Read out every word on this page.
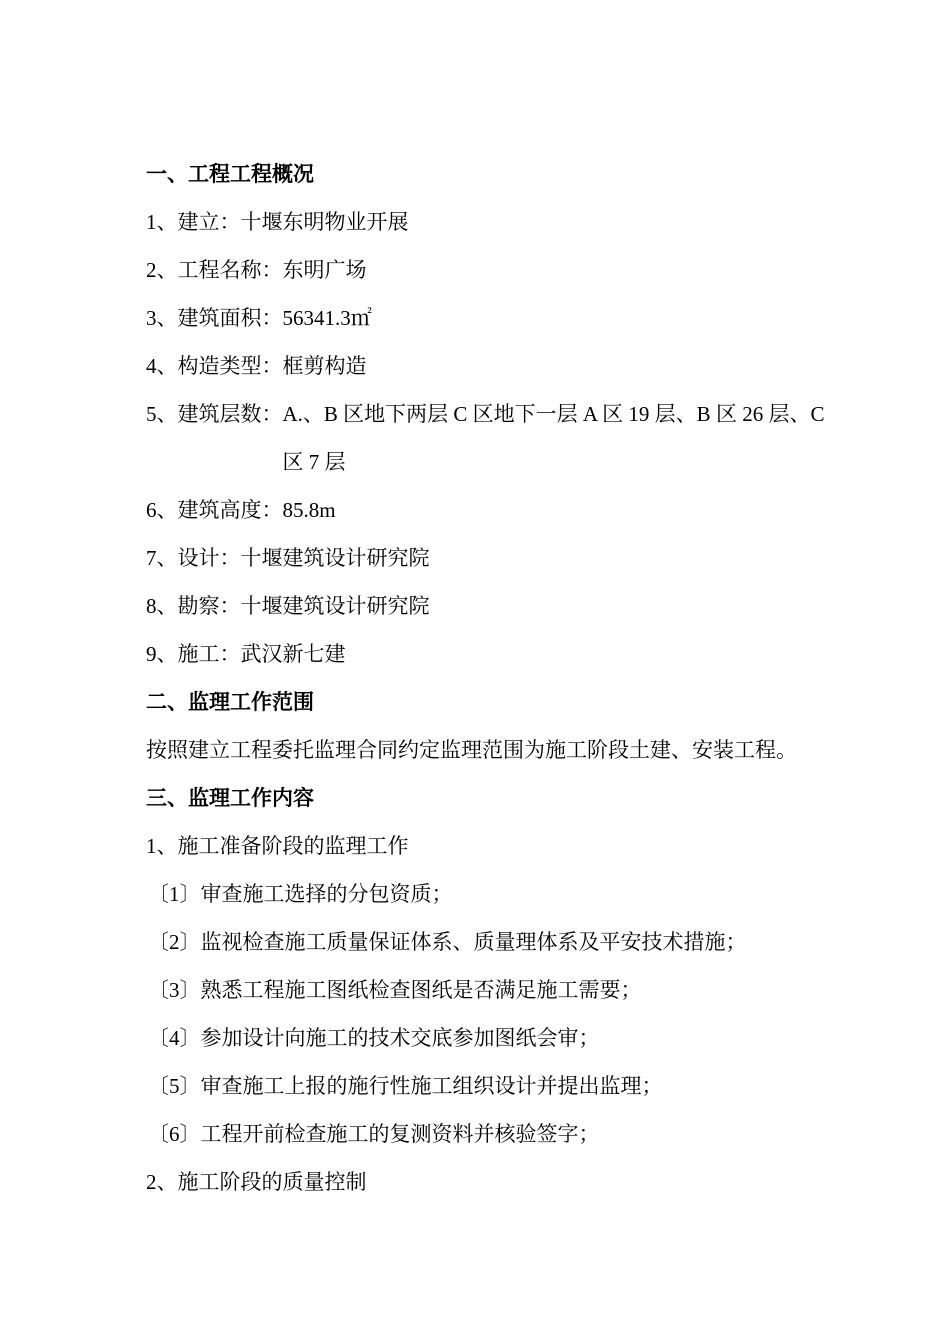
一、工程工程概况
1、建立：十堰东明物业开展
2、工程名称：东明广场
3、建筑面积：56341.3㎡
4、构造类型：框剪构造
5、建筑层数： A.、B 区地下两层 C 区地下一层 A 区 19 层、B 区 26 层、C
区 7 层
6、建筑高度：85.8m
7、设计：十堰建筑设计研究院
8、勘察：十堰建筑设计研究院
9、施工：武汉新七建
二、监理工作范围
按照建立工程委托监理合同约定监理范围为施工阶段土建、安装工程。
三、监理工作内容
1、施工准备阶段的监理工作
〔1〕审查施工选择的分包资质；
〔2〕监视检查施工质量保证体系、质量理体系及平安技术措施；
〔3〕熟悉工程施工图纸检查图纸是否满足施工需要；
〔4〕参加设计向施工的技术交底参加图纸会审；
〔5〕审查施工上报的施行性施工组织设计并提出监理；
〔6〕工程开前检查施工的复测资料并核验签字；
2、施工阶段的质量控制
